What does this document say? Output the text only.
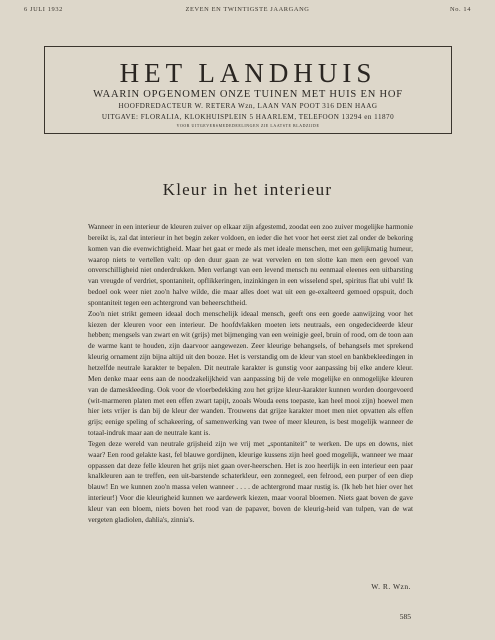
6 JULI 1932	ZEVEN EN TWINTIGSTE JAARGANG	No. 14
HET LANDHUIS
WAARIN OPGENOMEN ONZE TUINEN MET HUIS EN HOF
HOOFDREDACTEUR W. RETERA Wzn, LAAN VAN POOT 316 DEN HAAG
UITGAVE: FLORALIA, KLOKHUISPLEIN 5 HAARLEM, TELEFOON 13294 en 11870
VOOR UITGEVERSMEDEDEELINGEN ZIE LAATSTE BLADZIJDE
Kleur in het interieur

Wanneer in een interieur de kleuren zuiver op elkaar zijn afgestemd, zoodat een zoo zuiver mogelijke harmonie bereikt is, zal dat interieur in het begin zeker voldoen, en ieder die het voor het eerst ziet zal onder de bekoring komen van die evenwichtigheid. Maar het gaat er mede als met ideale menschen, met een gelijkmatig humeur, waarop niets te vertellen valt: op den duur gaan ze wat vervelen en ten slotte kan men een gevoel van onverschilligheid niet onderdrukken. Men verlangt van een levend mensch nu eenmaal eleenes een uitbarsting van vreugde of verdriet, spontaniteit, opflikkeringen, inzinkingen in een wisselend spel, spiritus flat ubi vult! Ik bedoel ook weer niet zoo'n halve wilde, die maar alles doet wat uit een ge-exalteerd gemoed opspuit, doch spontaniteit tegen een achtergrond van beheerschtheid.

Zoo'n niet strikt gemeen ideaal doch menschelijk ideaal mensch, geeft ons een goede aanwijzing voor het kiezen der kleuren voor een interieur. De hoofdvlakken moeten iets neutraals, een ongedecideerde kleur hebben; mengsels van zwart en wit (grijs) met bijmenging van een weinigje geel, bruin of rood, om de toon aan de warme kant te houden, zijn daarvoor aangewezen. Zeer kleurige behangsels, of behangsels met sprekend kleurig ornament zijn bijna altijd uit den booze. Het is verstandig om de kleur van stoel en bankbekleedingen in hetzelfde neutrale karakter te bepalen. Dit neutrale karakter is gunstig voor aanpassing bij elke andere kleur. Men denke maar eens aan de noodzakelijkheid van aanpassing bij de vele mogelijke en onmogelijke kleuren van de dameskleeding. Ook voor de vloerbedekking zou het grijze kleur-karakter kunnen worden doorgevoerd (wit-marmeren platen met een effen zwart tapijt, zooals Wouda eens toepaste, kan heel mooi zijn) hoewel men hier iets vrijer is dan bij de kleur der wanden. Trouwens dat grijze karakter moet men niet opvatten als effen grijs; eenige speling of schakeering, of samenwerking van twee of meer kleuren, is best mogelijk wanneer de totaal-indruk maar aan de neutrale kant is.

Tegen deze wereld van neutrale grijsheid zijn we vrij met „spontaniteit" te werken. De ups en downs, niet waar? Een rood gelakte kast, fel blauwe gordijnen, kleurige kussens zijn heel goed mogelijk, wanneer we maar oppassen dat deze felle kleuren het grijs niet gaan over-heerschen. Het is zoo heerlijk in een interieur een paar knalkleuren aan te treffen, een uit-barstende schaterkleur, een zonnegeel, een felrood, een purper of een diep blauw! En we kunnen zoo'n massa velen wanneer . . . . de achtergrond maar rustig is. (Ik heb het hier over het interieur!) Voor die kleurigheid kunnen we aardewerk kiezen, maar vooral bloemen. Niets gaat boven de gave kleur van een bloem, niets boven het rood van de papaver, boven de kleurig-heid van tulpen, van de wat vergeten gladiolen, dahlia's, zinnia's.

W. R. Wzn.
585
